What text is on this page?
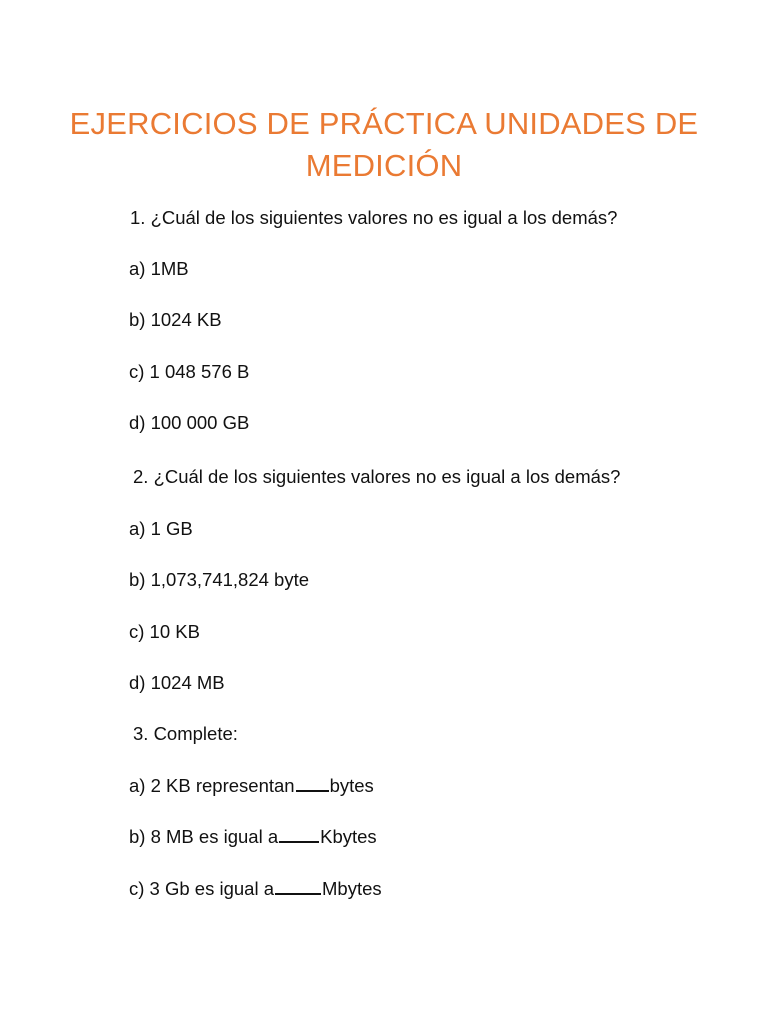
EJERCICIOS DE PRÁCTICA UNIDADES DE MEDICIÓN
1. ¿Cuál de los siguientes valores no es igual a los demás?
a) 1MB
b) 1024 KB
c) 1 048 576 B
d) 100 000 GB
2. ¿Cuál de los siguientes valores no es igual a los demás?
a) 1 GB
b) 1,073,741,824 byte
c) 10 KB
d) 1024 MB
3. Complete:
a) 2 KB representan bytes
b) 8 MB es igual a Kbytes
c) 3 Gb es igual a	Mbytes
